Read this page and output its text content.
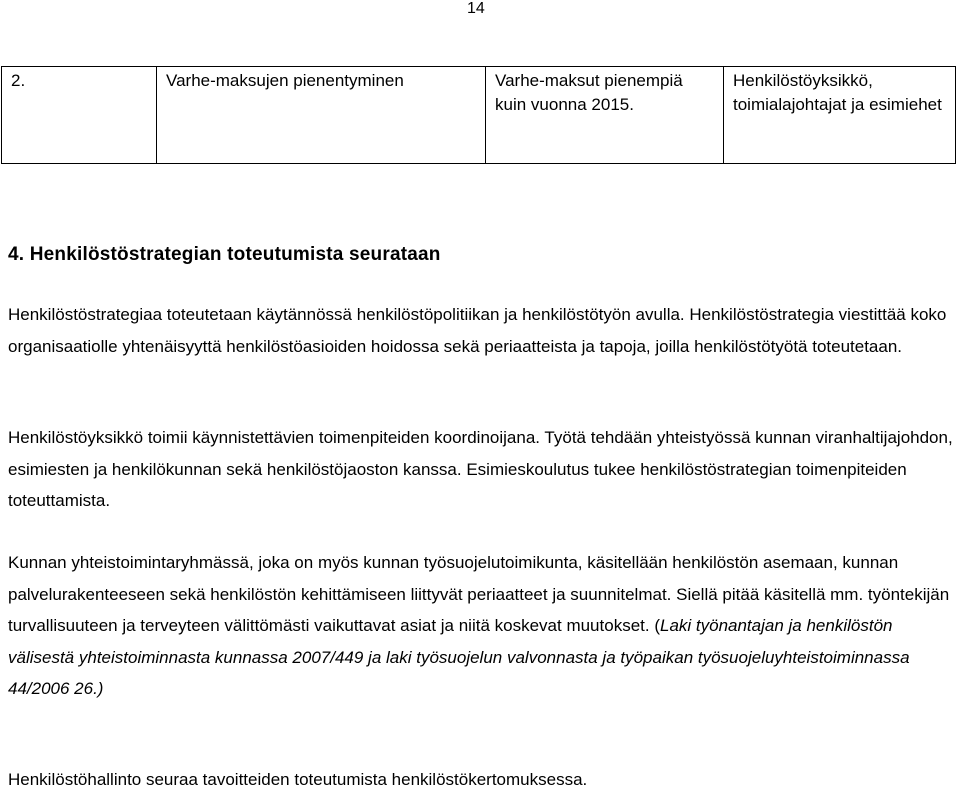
14
2.	Varhe-maksujen pienentyminen	Varhe-maksut pienempiä kuin vuonna 2015.	Henkilöstöyksikkö, toimialajohtajat ja esimiehet
4. Henkilöstöstrategian toteutumista seurataan
Henkilöstöstrategiaa toteutetaan käytännössä henkilöstöpolitiikan ja henkilöstötyön avulla. Henkilöstöstrategia viestittää koko organisaatiolle yhtenäisyyttä henkilöstöasioiden hoidossa sekä periaatteista ja tapoja, joilla henkilöstötyötä toteutetaan.
Henkilöstöyksikkö toimii käynnistettävien toimenpiteiden koordinoijana. Työtä tehdään yhteistyössä kunnan viranhaltijajohdon, esimiesten ja henkilökunnan sekä henkilöstöjaoston kanssa. Esimieskoulutus tukee henkilöstöstrategian toimenpiteiden toteuttamista.
Kunnan yhteistoimintaryhmässä, joka on myös kunnan työsuojelutoimikunta, käsitellään henkilöstön asemaan, kunnan palvelurakenteeseen sekä henkilöstön kehittämiseen liittyvät periaatteet ja suunnitelmat. Siellä pitää käsitellä mm. työntekijän turvallisuuteen ja terveyteen välittömästi vaikuttavat asiat ja niitä koskevat muutokset. (Laki työnantajan ja henkilöstön välisestä yhteistoiminnasta kunnassa 2007/449 ja laki työsuojelun valvonnasta ja työpaikan työsuojeluyhteistoiminnassa 44/2006 26.)
Henkilöstöhallinto seuraa tavoitteiden toteutumista henkilöstökertomuksessa.
